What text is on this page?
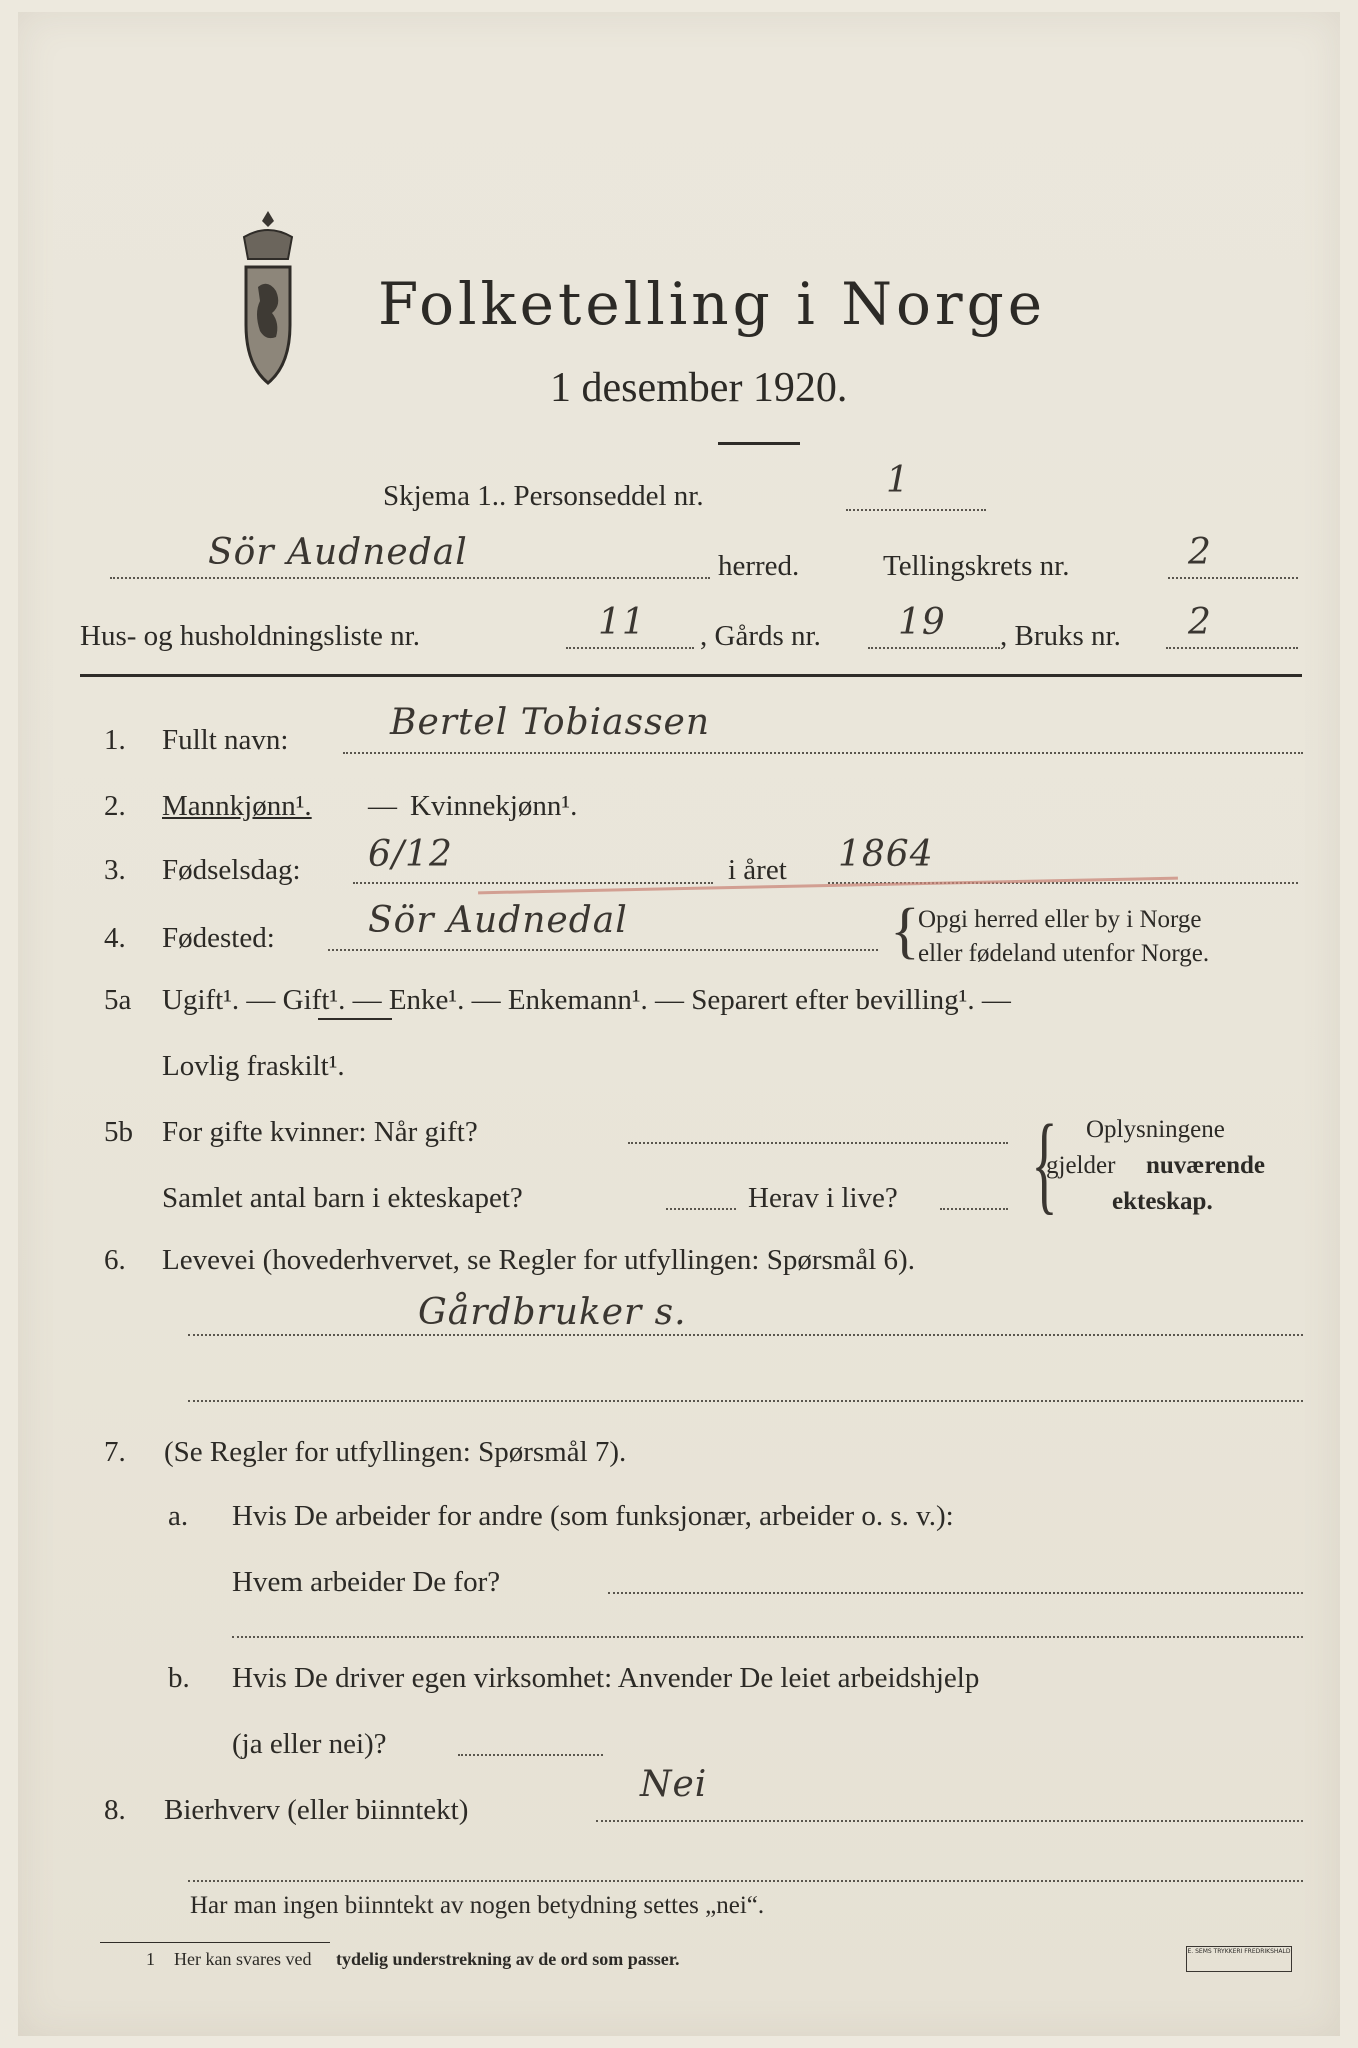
Folketelling i Norge
1 desember 1920.
Skjema 1.. Personseddel nr.	1
Sör Audnedal	herred.	Tellingskrets nr.	2
Hus- og husholdningsliste nr.	11 , Gårds nr. 19 , Bruks nr. 2
1. Fullt navn:	Bertel Tobiassen
2. Mannkjønn¹. — Kvinnekjønn¹.
3. Fødselsdag: 6/12	i året 1864
4. Fødested:	Sör Audnedal	{
Opgi herred eller by i Norge
eller fødeland utenfor Norge.
5a Ugift¹. — Gift¹. — Enke¹. — Enkemann¹. — Separert efter bevilling¹. —
Lovlig fraskilt¹.
5b For gifte kvinner: Når gift?
Samlet antal barn i ekteskapet?	Herav i live? { Oplysningene
gjelder nuværende
ekteskap.
6. Levevei (hovederhvervet, se Regler for utfyllingen: Spørsmål 6).
Gårdbruker s.
7. (Se Regler for utfyllingen: Spørsmål 7).
a. Hvis De arbeider for andre (som funksjonær, arbeider o. s. v.):
Hvem arbeider De for?
b. Hvis De driver egen virksomhet: Anvender De leiet arbeidshjelp
(ja eller nei)?
8. Bierhverv (eller biinntekt)
Nei
Har man ingen biinntekt av nogen betydning settes „nei“.
1 Her kan svares ved tydelig understrekning av de ord som passer.	E. SEMS TRYKKERI FREDRIKSHALD
